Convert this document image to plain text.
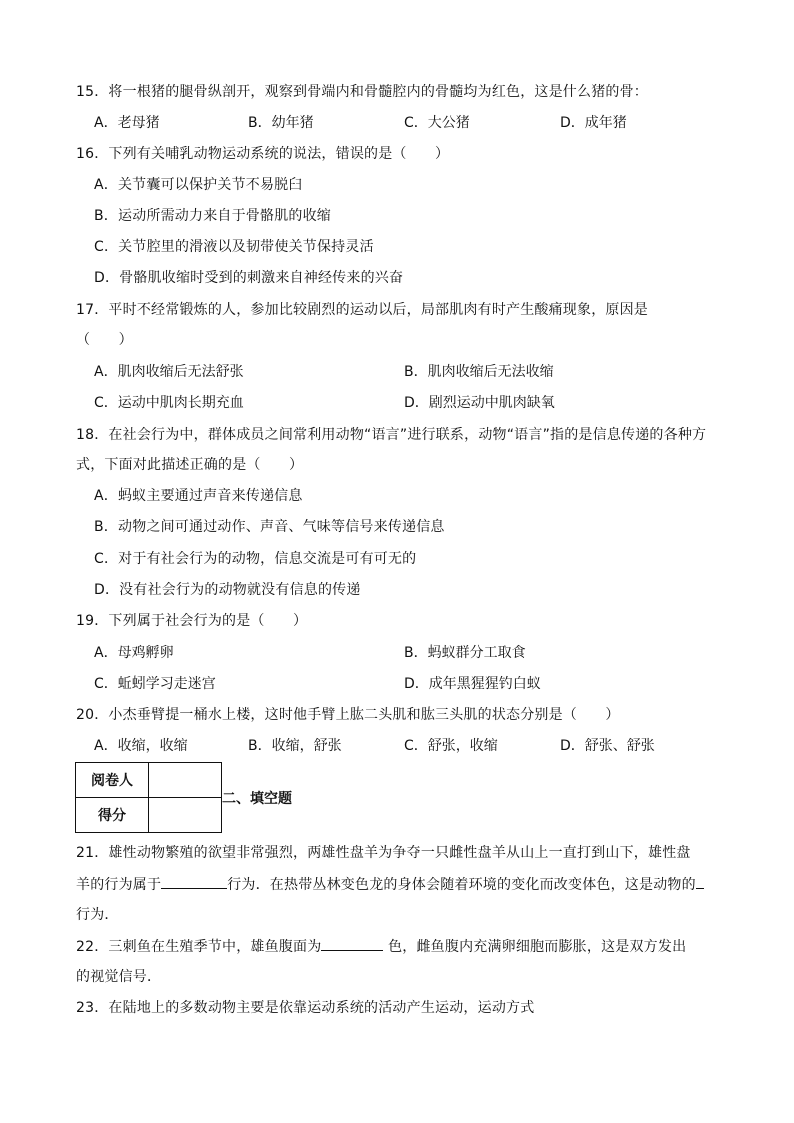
15．将一根猪的腿骨纵剖开，观察到骨端内和骨髓腔内的骨髓均为红色，这是什么猪的骨：
A．老母猪	B．幼年猪	C．大公猪	D．成年猪
16．下列有关哺乳动物运动系统的说法，错误的是（　　）
A．关节囊可以保护关节不易脱臼
B．运动所需动力来自于骨骼肌的收缩
C．关节腔里的滑液以及韧带使关节保持灵活
D．骨骼肌收缩时受到的刺激来自神经传来的兴奋
17．平时不经常锻炼的人，参加比较剧烈的运动以后，局部肌肉有时产生酸痛现象，原因是
（　　）
A．肌肉收缩后无法舒张	B．肌肉收缩后无法收缩
C．运动中肌肉长期充血	D．剧烈运动中肌肉缺氧
18．在社会行为中，群体成员之间常利用动物“语言”进行联系，动物“语言”指的是信息传递的各种方
式，下面对此描述正确的是（　　）
A．蚂蚁主要通过声音来传递信息
B．动物之间可通过动作、声音、气味等信号来传递信息
C．对于有社会行为的动物，信息交流是可有可无的
D．没有社会行为的动物就没有信息的传递
19．下列属于社会行为的是（　　）
A．母鸡孵卵	B．蚂蚁群分工取食
C．蚯蚓学习走迷宫	D．成年黑猩猩钓白蚁
20．小杰垂臂提一桶水上楼，这时他手臂上肱二头肌和肱三头肌的状态分别是（　　）
A．收缩，收缩	B．收缩，舒张	C．舒张，收缩	D．舒张、舒张
阅卷人	
得分	
二、填空题
21．雄性动物繁殖的欲望非常强烈，两雄性盘羊为争夺一只雌性盘羊从山上一直打到山下，雄性盘
羊的行为属于	行为．在热带丛林变色龙的身体会随着环境的变化而改变体色，这是动物的
行为．
22．三刺鱼在生殖季节中，雄鱼腹面为	色，雌鱼腹内充满卵细胞而膨胀，这是双方发出
的视觉信号．
23．在陆地上的多数动物主要是依靠运动系统的活动产生运动，运动方式
